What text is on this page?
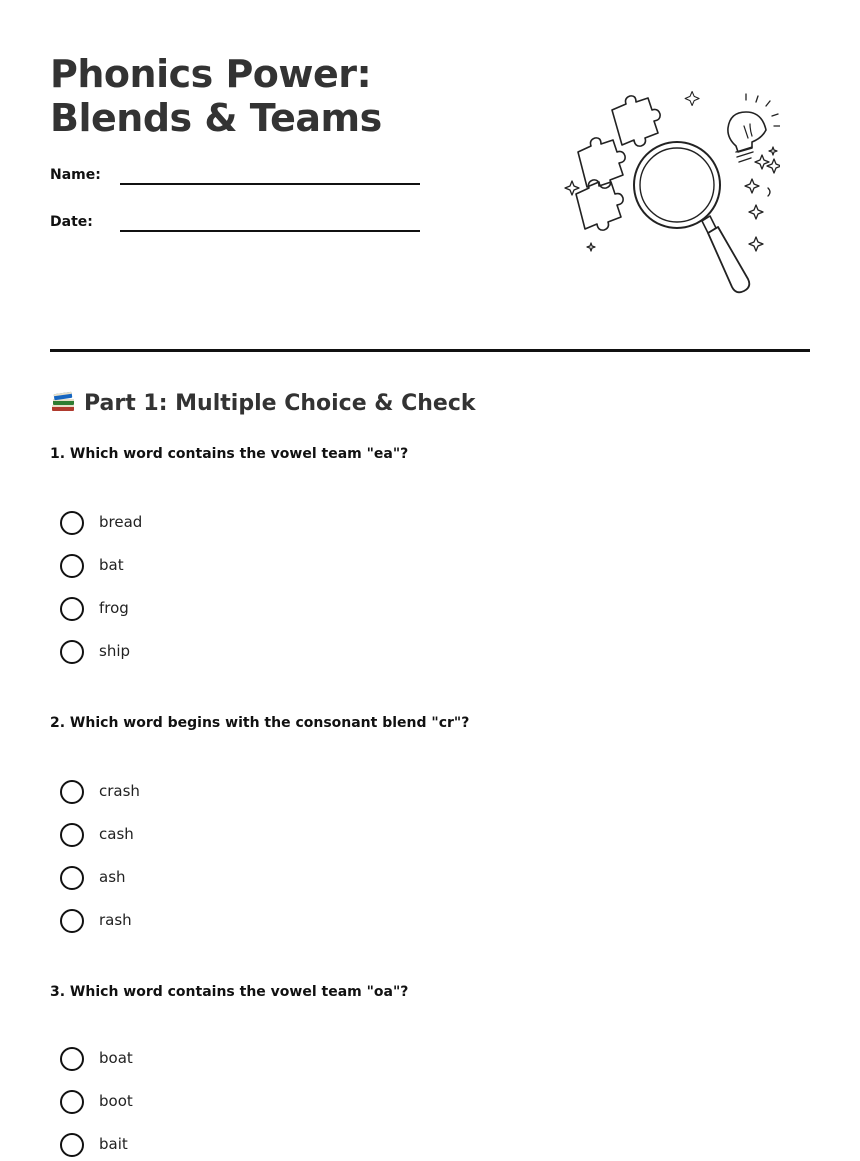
Phonics Power: Blends & Teams
Name:
Date:
Part 1: Multiple Choice & Check

1. Which word contains the vowel team "ea"?

bread
bat
frog
ship

2. Which word begins with the consonant blend "cr"?

crash
cash
ash
rash

3. Which word contains the vowel team "oa"?

boat
boot
bait
